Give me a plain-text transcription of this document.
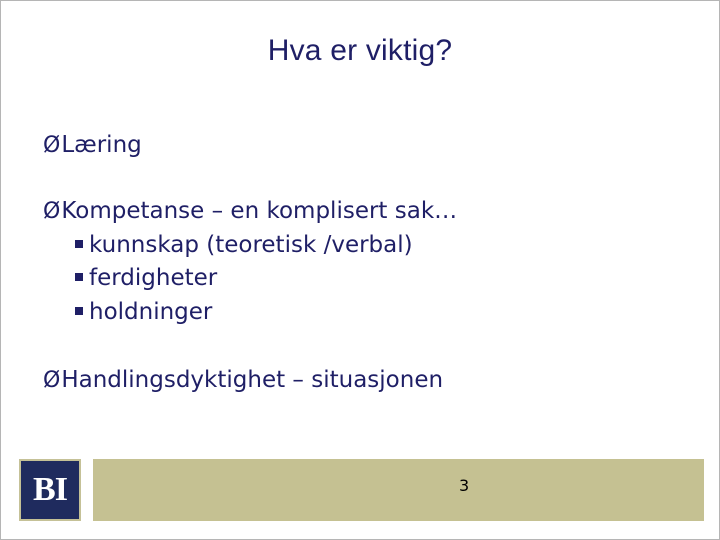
Hva er viktig?
ØLæring
ØKompetanse – en komplisert sak…
kunnskap (teoretisk /verbal)
ferdigheter
holdninger
ØHandlingsdyktighet – situasjonen
BI	3
